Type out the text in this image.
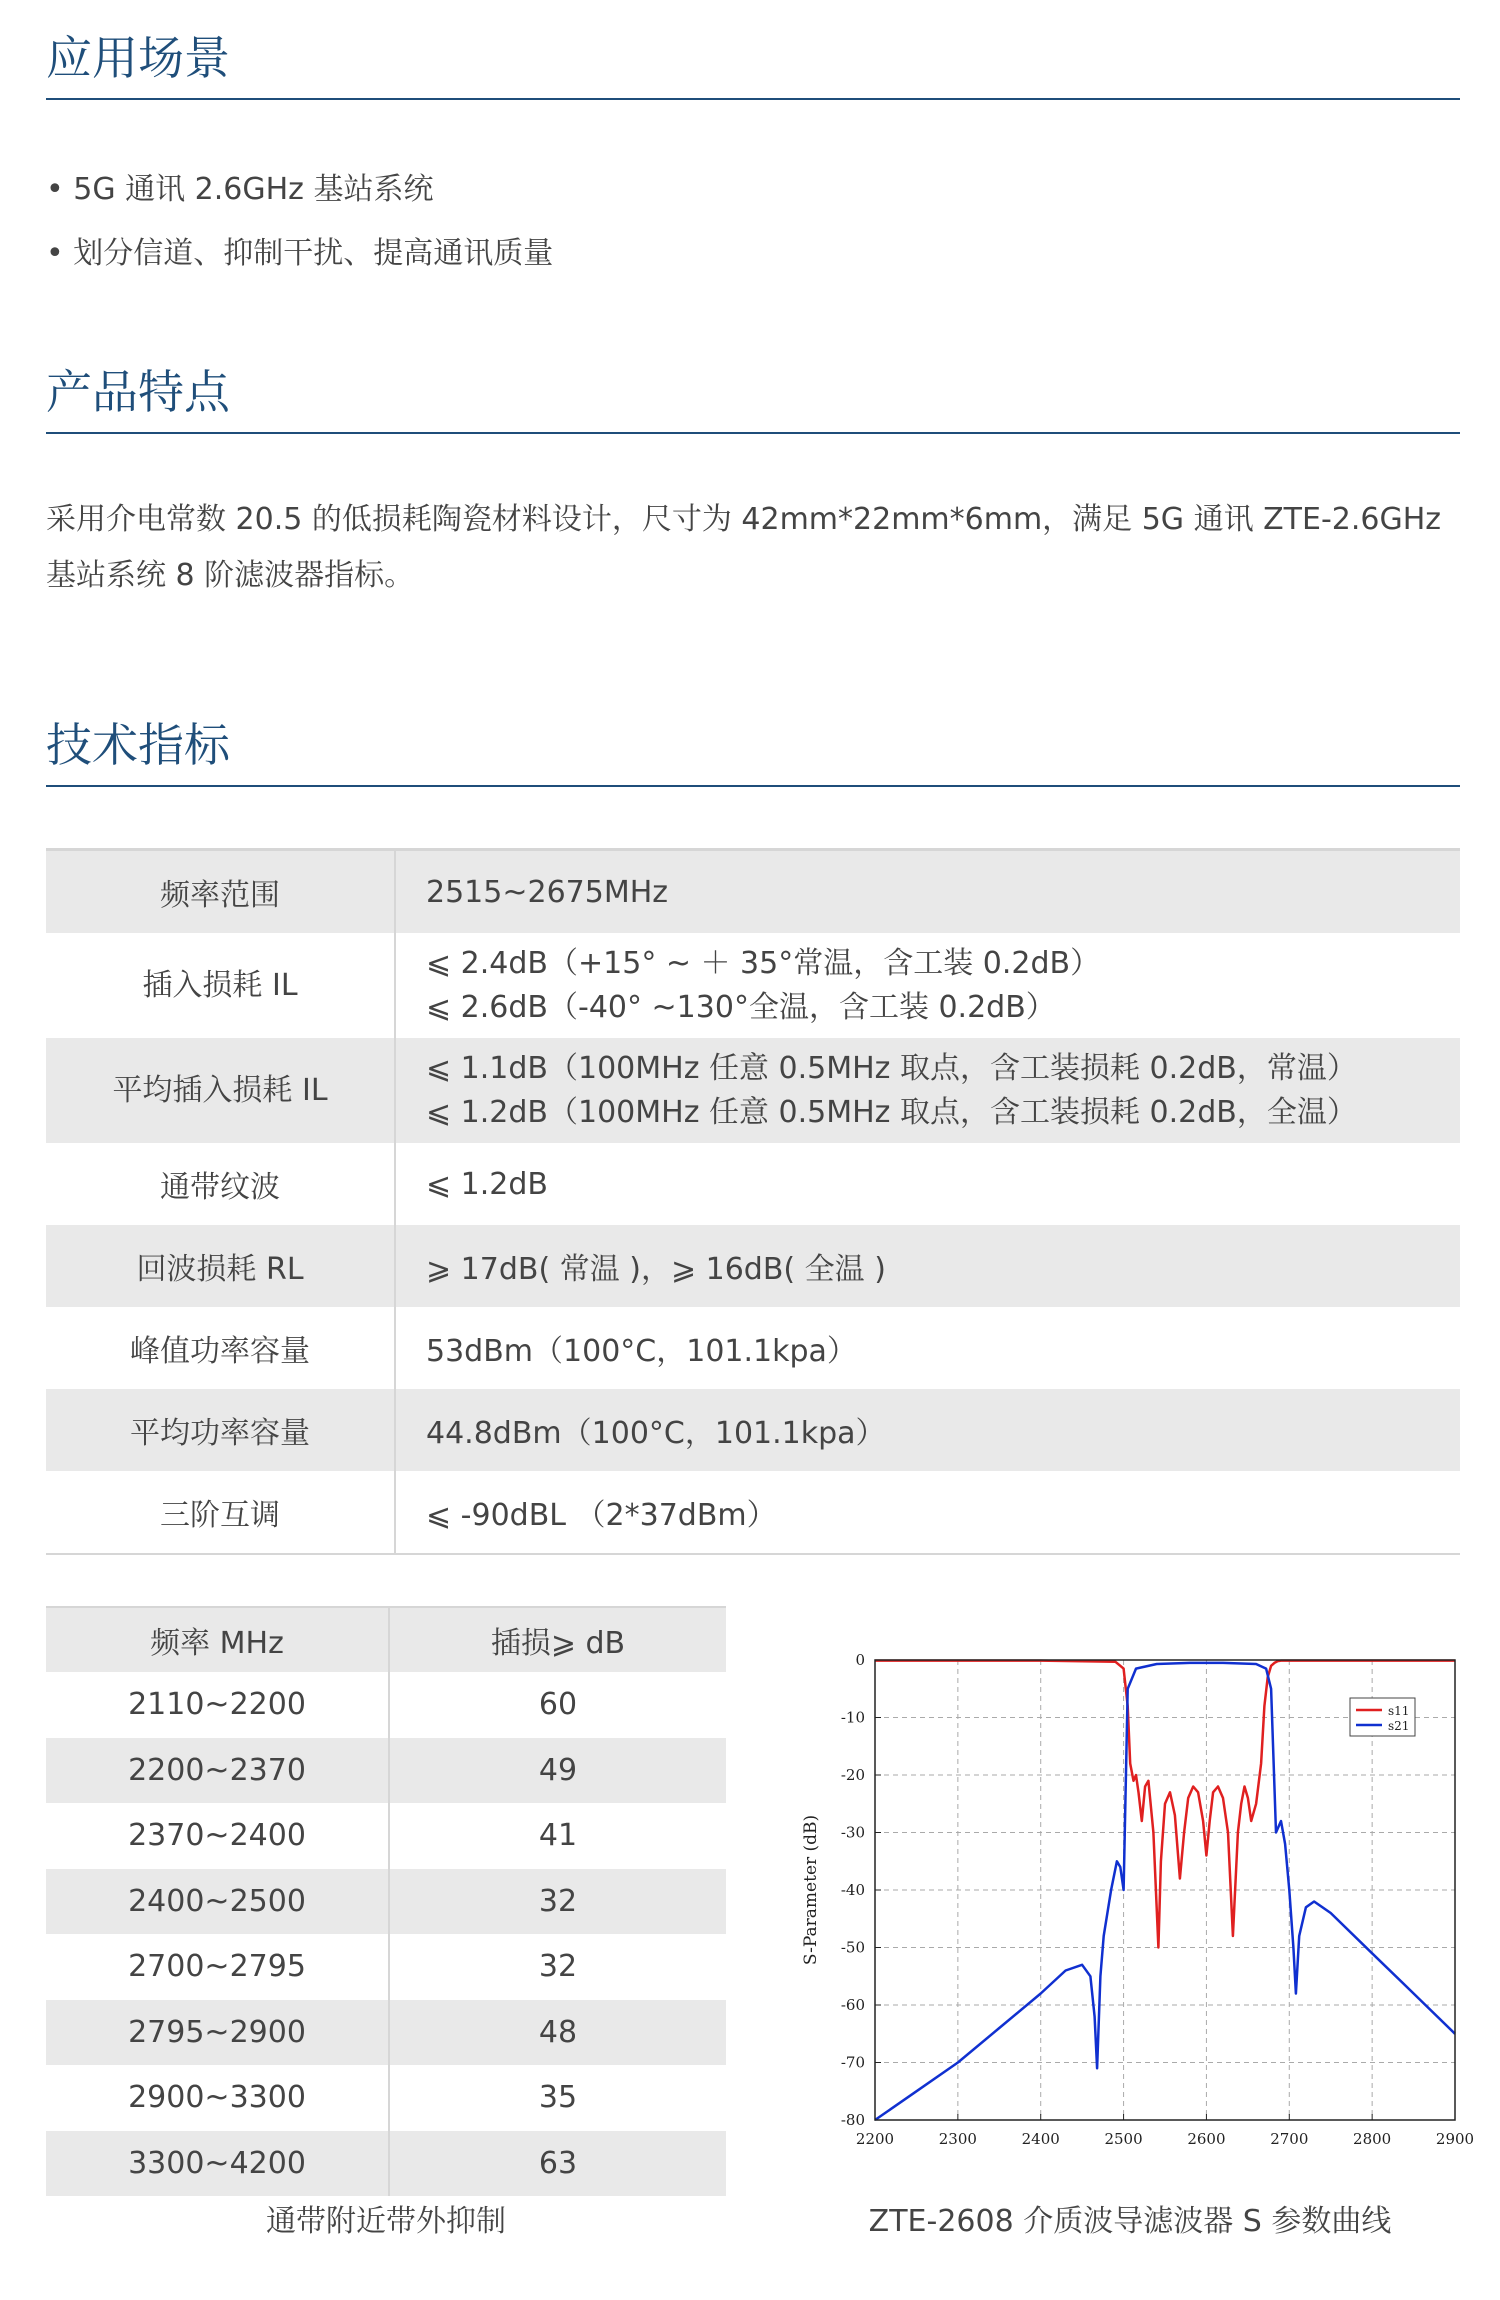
应用场景
• 5G 通讯 2.6GHz 基站系统
• 划分信道、抑制干扰、提高通讯质量
产品特点
采用介电常数 20.5 的低损耗陶瓷材料设计，尺寸为 42mm*22mm*6mm，满足 5G 通讯 ZTE-2.6GHz 基站系统 8 阶滤波器指标。
技术指标
频率范围	2515~2675MHz
插入损耗 IL	⩽ 2.4dB（+15° ~ ＋ 35°常温，含工装 0.2dB）
⩽ 2.6dB（-40° ~130°全温，含工装 0.2dB）

平均插入损耗 IL	⩽ 1.1dB（100MHz 任意 0.5MHz 取点，含工装损耗 0.2dB，常温）
⩽ 1.2dB（100MHz 任意 0.5MHz 取点，含工装损耗 0.2dB，全温）

通带纹波	⩽ 1.2dB
回波损耗 RL	⩾ 17dB( 常温 )，⩾ 16dB( 全温 )
峰值功率容量	53dBm（100°C，101.1kpa）
平均功率容量	44.8dBm（100°C，101.1kpa）
三阶互调	⩽ -90dBL （2*37dBm）
频率 MHz	插损⩾ dB
2110~2200	60
2200~2370	49
2370~2400	41
2400~2500	32
2700~2795	32
2795~2900	48
2900~3300	35
3300~4200	63
通带附近带外抑制
2200	2300	2400	2500	2600	2700	2800	2900
0
-10
-20
-30
-40
-50
-60
-70
-80
S-Parameter (dB)
s11
s21
ZTE-2608 介质波导滤波器 S 参数曲线
